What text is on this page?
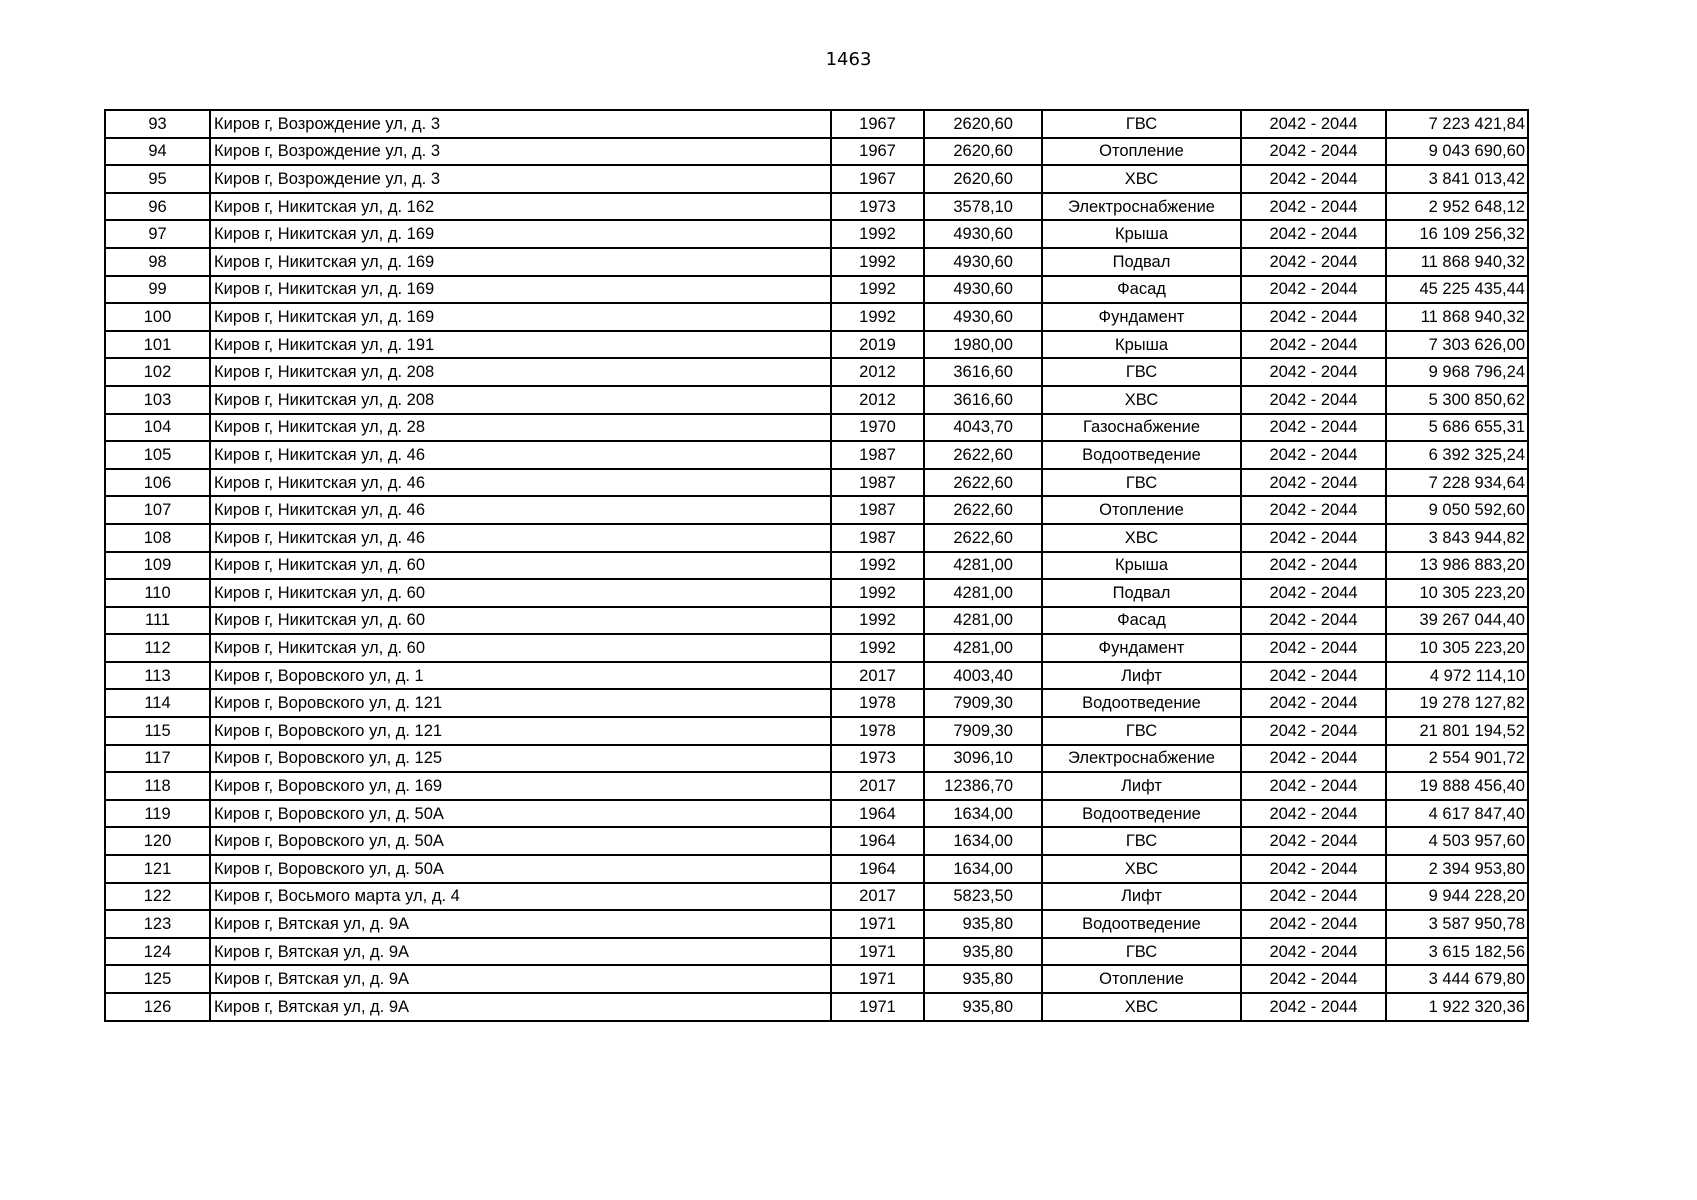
1463
93	Киров г, Возрождение ул, д. 3	1967	2620,60	ГВС	2042 - 2044	7 223 421,84
94	Киров г, Возрождение ул, д. 3	1967	2620,60	Отопление	2042 - 2044	9 043 690,60
95	Киров г, Возрождение ул, д. 3	1967	2620,60	ХВС	2042 - 2044	3 841 013,42
96	Киров г, Никитская ул, д. 162	1973	3578,10	Электроснабжение	2042 - 2044	2 952 648,12
97	Киров г, Никитская ул, д. 169	1992	4930,60	Крыша	2042 - 2044	16 109 256,32
98	Киров г, Никитская ул, д. 169	1992	4930,60	Подвал	2042 - 2044	11 868 940,32
99	Киров г, Никитская ул, д. 169	1992	4930,60	Фасад	2042 - 2044	45 225 435,44
100	Киров г, Никитская ул, д. 169	1992	4930,60	Фундамент	2042 - 2044	11 868 940,32
101	Киров г, Никитская ул, д. 191	2019	1980,00	Крыша	2042 - 2044	7 303 626,00
102	Киров г, Никитская ул, д. 208	2012	3616,60	ГВС	2042 - 2044	9 968 796,24
103	Киров г, Никитская ул, д. 208	2012	3616,60	ХВС	2042 - 2044	5 300 850,62
104	Киров г, Никитская ул, д. 28	1970	4043,70	Газоснабжение	2042 - 2044	5 686 655,31
105	Киров г, Никитская ул, д. 46	1987	2622,60	Водоотведение	2042 - 2044	6 392 325,24
106	Киров г, Никитская ул, д. 46	1987	2622,60	ГВС	2042 - 2044	7 228 934,64
107	Киров г, Никитская ул, д. 46	1987	2622,60	Отопление	2042 - 2044	9 050 592,60
108	Киров г, Никитская ул, д. 46	1987	2622,60	ХВС	2042 - 2044	3 843 944,82
109	Киров г, Никитская ул, д. 60	1992	4281,00	Крыша	2042 - 2044	13 986 883,20
110	Киров г, Никитская ул, д. 60	1992	4281,00	Подвал	2042 - 2044	10 305 223,20
111	Киров г, Никитская ул, д. 60	1992	4281,00	Фасад	2042 - 2044	39 267 044,40
112	Киров г, Никитская ул, д. 60	1992	4281,00	Фундамент	2042 - 2044	10 305 223,20
113	Киров г, Воровского ул, д. 1	2017	4003,40	Лифт	2042 - 2044	4 972 114,10
114	Киров г, Воровского ул, д. 121	1978	7909,30	Водоотведение	2042 - 2044	19 278 127,82
115	Киров г, Воровского ул, д. 121	1978	7909,30	ГВС	2042 - 2044	21 801 194,52
117	Киров г, Воровского ул, д. 125	1973	3096,10	Электроснабжение	2042 - 2044	2 554 901,72
118	Киров г, Воровского ул, д. 169	2017	12386,70	Лифт	2042 - 2044	19 888 456,40
119	Киров г, Воровского ул, д. 50А	1964	1634,00	Водоотведение	2042 - 2044	4 617 847,40
120	Киров г, Воровского ул, д. 50А	1964	1634,00	ГВС	2042 - 2044	4 503 957,60
121	Киров г, Воровского ул, д. 50А	1964	1634,00	ХВС	2042 - 2044	2 394 953,80
122	Киров г, Восьмого марта ул, д. 4	2017	5823,50	Лифт	2042 - 2044	9 944 228,20
123	Киров г, Вятская ул, д. 9А	1971	935,80	Водоотведение	2042 - 2044	3 587 950,78
124	Киров г, Вятская ул, д. 9А	1971	935,80	ГВС	2042 - 2044	3 615 182,56
125	Киров г, Вятская ул, д. 9А	1971	935,80	Отопление	2042 - 2044	3 444 679,80
126	Киров г, Вятская ул, д. 9А	1971	935,80	ХВС	2042 - 2044	1 922 320,36
